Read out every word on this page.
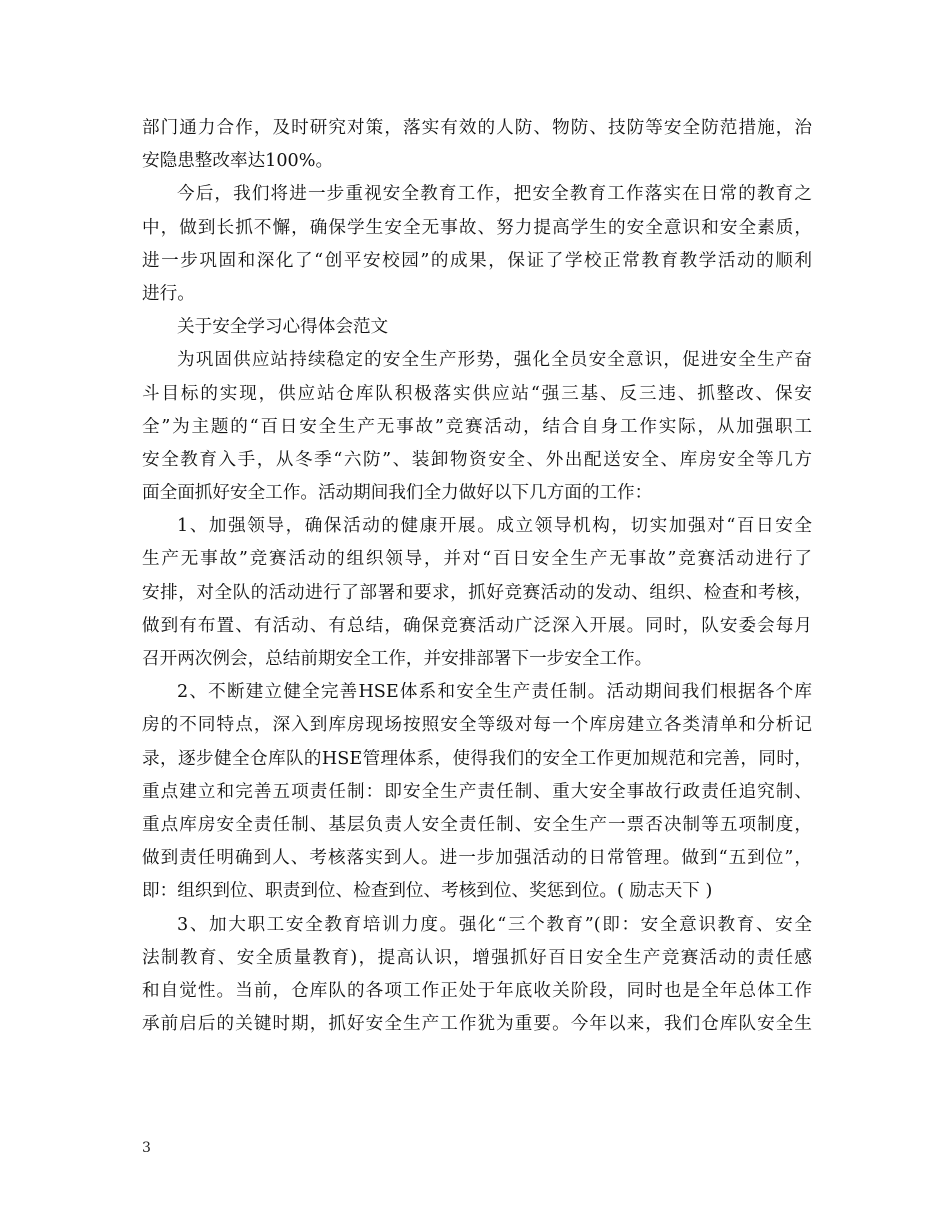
部门通力合作，及时研究对策，落实有效的人防、物防、技防等安全防范措施，治
安隐患整改率达100%。
今后，我们将进一步重视安全教育工作，把安全教育工作落实在日常的教育之
中，做到长抓不懈，确保学生安全无事故、努力提高学生的安全意识和安全素质，
进一步巩固和深化了“创平安校园”的成果，保证了学校正常教育教学活动的顺利
进行。
关于安全学习心得体会范文
为巩固供应站持续稳定的安全生产形势，强化全员安全意识，促进安全生产奋
斗目标的实现，供应站仓库队积极落实供应站“强三基、反三违、抓整改、保安
全”为主题的“百日安全生产无事故”竞赛活动，结合自身工作实际，从加强职工
安全教育入手，从冬季“六防”、装卸物资安全、外出配送安全、库房安全等几方
面全面抓好安全工作。活动期间我们全力做好以下几方面的工作：
1、加强领导，确保活动的健康开展。成立领导机构，切实加强对“百日安全
生产无事故”竞赛活动的组织领导，并对“百日安全生产无事故”竞赛活动进行了
安排，对全队的活动进行了部署和要求，抓好竞赛活动的发动、组织、检查和考核，
做到有布置、有活动、有总结，确保竞赛活动广泛深入开展。同时，队安委会每月
召开两次例会，总结前期安全工作，并安排部署下一步安全工作。
2、不断建立健全完善HSE体系和安全生产责任制。活动期间我们根据各个库
房的不同特点，深入到库房现场按照安全等级对每一个库房建立各类清单和分析记
录，逐步健全仓库队的HSE管理体系，使得我们的安全工作更加规范和完善，同时，
重点建立和完善五项责任制：即安全生产责任制、重大安全事故行政责任追究制、
重点库房安全责任制、基层负责人安全责任制、安全生产一票否决制等五项制度，
做到责任明确到人、考核落实到人。进一步加强活动的日常管理。做到“五到位”，
即：组织到位、职责到位、检查到位、考核到位、奖惩到位。( 励志天下 )
3、加大职工安全教育培训力度。强化“三个教育”(即：安全意识教育、安全
法制教育、安全质量教育)，提高认识，增强抓好百日安全生产竞赛活动的责任感
和自觉性。当前，仓库队的各项工作正处于年底收关阶段，同时也是全年总体工作
承前启后的关键时期，抓好安全生产工作犹为重要。今年以来，我们仓库队安全生
3
